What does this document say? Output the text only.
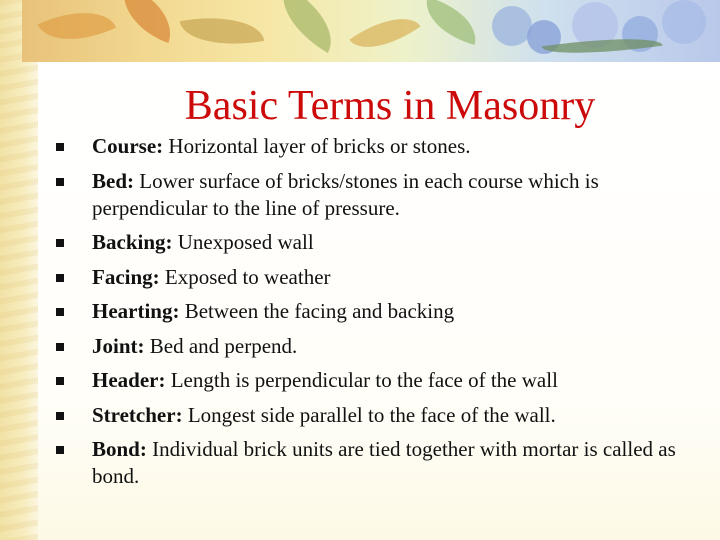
Basic Terms in Masonry
Course: Horizontal layer of bricks or stones.
Bed: Lower surface of bricks/stones in each course which is perpendicular to the line of pressure.
Backing: Unexposed wall
Facing: Exposed to weather
Hearting: Between the facing and backing
Joint: Bed and perpend.
Header: Length is perpendicular to the face of the wall
Stretcher: Longest side parallel to the face of the wall.
Bond: Individual brick units are tied together with mortar is called as bond.
